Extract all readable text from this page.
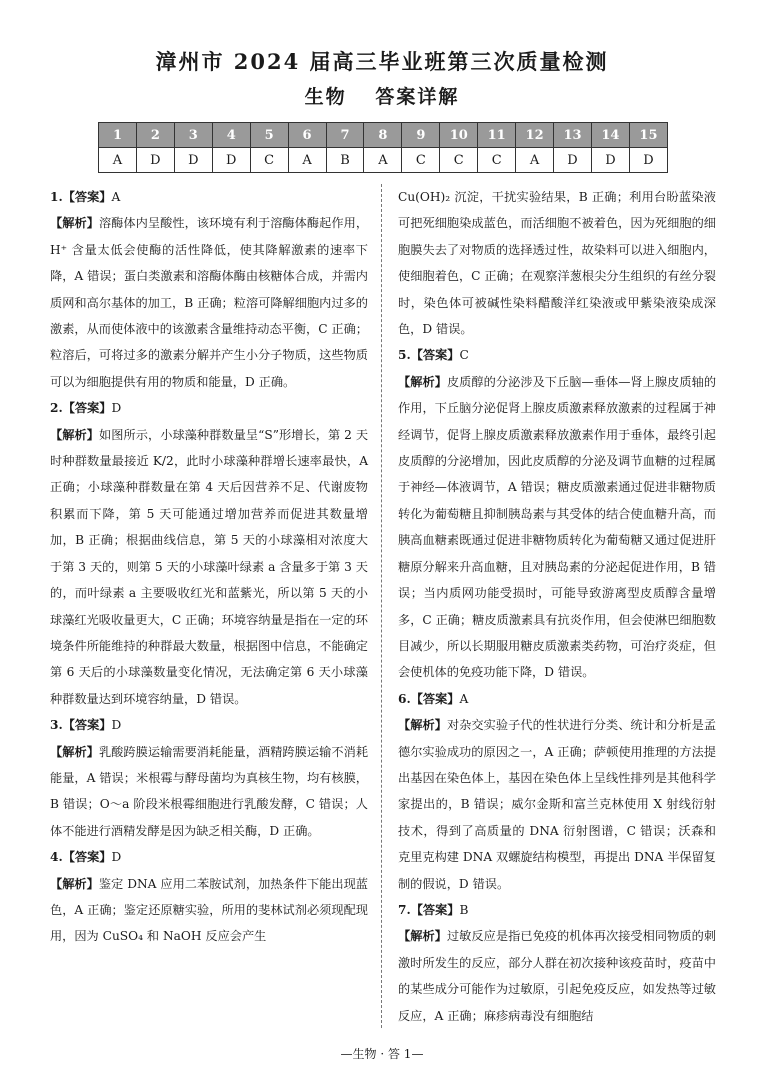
漳州市 2024 届高三毕业班第三次质量检测
生物 答案详解
1	2	3	4	5	6	7	8	9	10	11	12	13	14	15
A	D	D	D	C	A	B	A	C	C	C	A	D	D	D

1.【答案】A

【解析】溶酶体内呈酸性，该环境有利于溶酶体酶起作用，H⁺ 含量太低会使酶的活性降低，使其降解激素的速率下降，A 错误；蛋白类激素和溶酶体酶由核糖体合成，并需内质网和高尔基体的加工，B 正确；粒溶可降解细胞内过多的激素，从而使体液中的该激素含量维持动态平衡，C 正确；粒溶后，可将过多的激素分解并产生小分子物质，这些物质可以为细胞提供有用的物质和能量，D 正确。

2.【答案】D

【解析】如图所示，小球藻种群数量呈“S”形增长，第 2 天时种群数量最接近 K/2，此时小球藻种群增长速率最快，A 正确；小球藻种群数量在第 4 天后因营养不足、代谢废物积累而下降，第 5 天可能通过增加营养而促进其数量增加，B 正确；根据曲线信息，第 5 天的小球藻相对浓度大于第 3 天的，则第 5 天的小球藻叶绿素 a 含量多于第 3 天的，而叶绿素 a 主要吸收红光和蓝紫光，所以第 5 天的小球藻红光吸收量更大，C 正确；环境容纳量是指在一定的环境条件所能维持的种群最大数量，根据图中信息，不能确定第 6 天后的小球藻数量变化情况，无法确定第 6 天小球藻种群数量达到环境容纳量，D 错误。

3.【答案】D

【解析】乳酸跨膜运输需要消耗能量，酒精跨膜运输不消耗能量，A 错误；米根霉与酵母菌均为真核生物，均有核膜，B 错误；O～a 阶段米根霉细胞进行乳酸发酵，C 错误；人体不能进行酒精发酵是因为缺乏相关酶，D 正确。

4.【答案】D

【解析】鉴定 DNA 应用二苯胺试剂，加热条件下能出现蓝色，A 正确；鉴定还原糖实验，所用的斐林试剂必须现配现用，因为 CuSO₄ 和 NaOH 反应会产生

Cu(OH)₂ 沉淀，干扰实验结果，B 正确；利用台盼蓝染液可把死细胞染成蓝色，而活细胞不被着色，因为死细胞的细胞膜失去了对物质的选择透过性，故染料可以进入细胞内，使细胞着色，C 正确；在观察洋葱根尖分生组织的有丝分裂时，染色体可被碱性染料醋酸洋红染液或甲紫染液染成深色，D 错误。

5.【答案】C

【解析】皮质醇的分泌涉及下丘脑—垂体—肾上腺皮质轴的作用，下丘脑分泌促肾上腺皮质激素释放激素的过程属于神经调节，促肾上腺皮质激素释放激素作用于垂体，最终引起皮质醇的分泌增加，因此皮质醇的分泌及调节血糖的过程属于神经—体液调节，A 错误；糖皮质激素通过促进非糖物质转化为葡萄糖且抑制胰岛素与其受体的结合使血糖升高，而胰高血糖素既通过促进非糖物质转化为葡萄糖又通过促进肝糖原分解来升高血糖，且对胰岛素的分泌起促进作用，B 错误；当内质网功能受损时，可能导致游离型皮质醇含量增多，C 正确；糖皮质激素具有抗炎作用，但会使淋巴细胞数目减少，所以长期服用糖皮质激素类药物，可治疗炎症，但会使机体的免疫功能下降，D 错误。

6.【答案】A

【解析】对杂交实验子代的性状进行分类、统计和分析是孟德尔实验成功的原因之一，A 正确；萨顿使用推理的方法提出基因在染色体上，基因在染色体上呈线性排列是其他科学家提出的，B 错误；威尔金斯和富兰克林使用 X 射线衍射技术，得到了高质量的 DNA 衍射图谱，C 错误；沃森和克里克构建 DNA 双螺旋结构模型，再提出 DNA 半保留复制的假说，D 错误。

7.【答案】B

【解析】过敏反应是指已免疫的机体再次接受相同物质的刺激时所发生的反应，部分人群在初次接种该疫苗时，疫苗中的某些成分可能作为过敏原，引起免疫反应，如发热等过敏反应，A 正确；麻疹病毒没有细胞结

—生物 · 答 1—
